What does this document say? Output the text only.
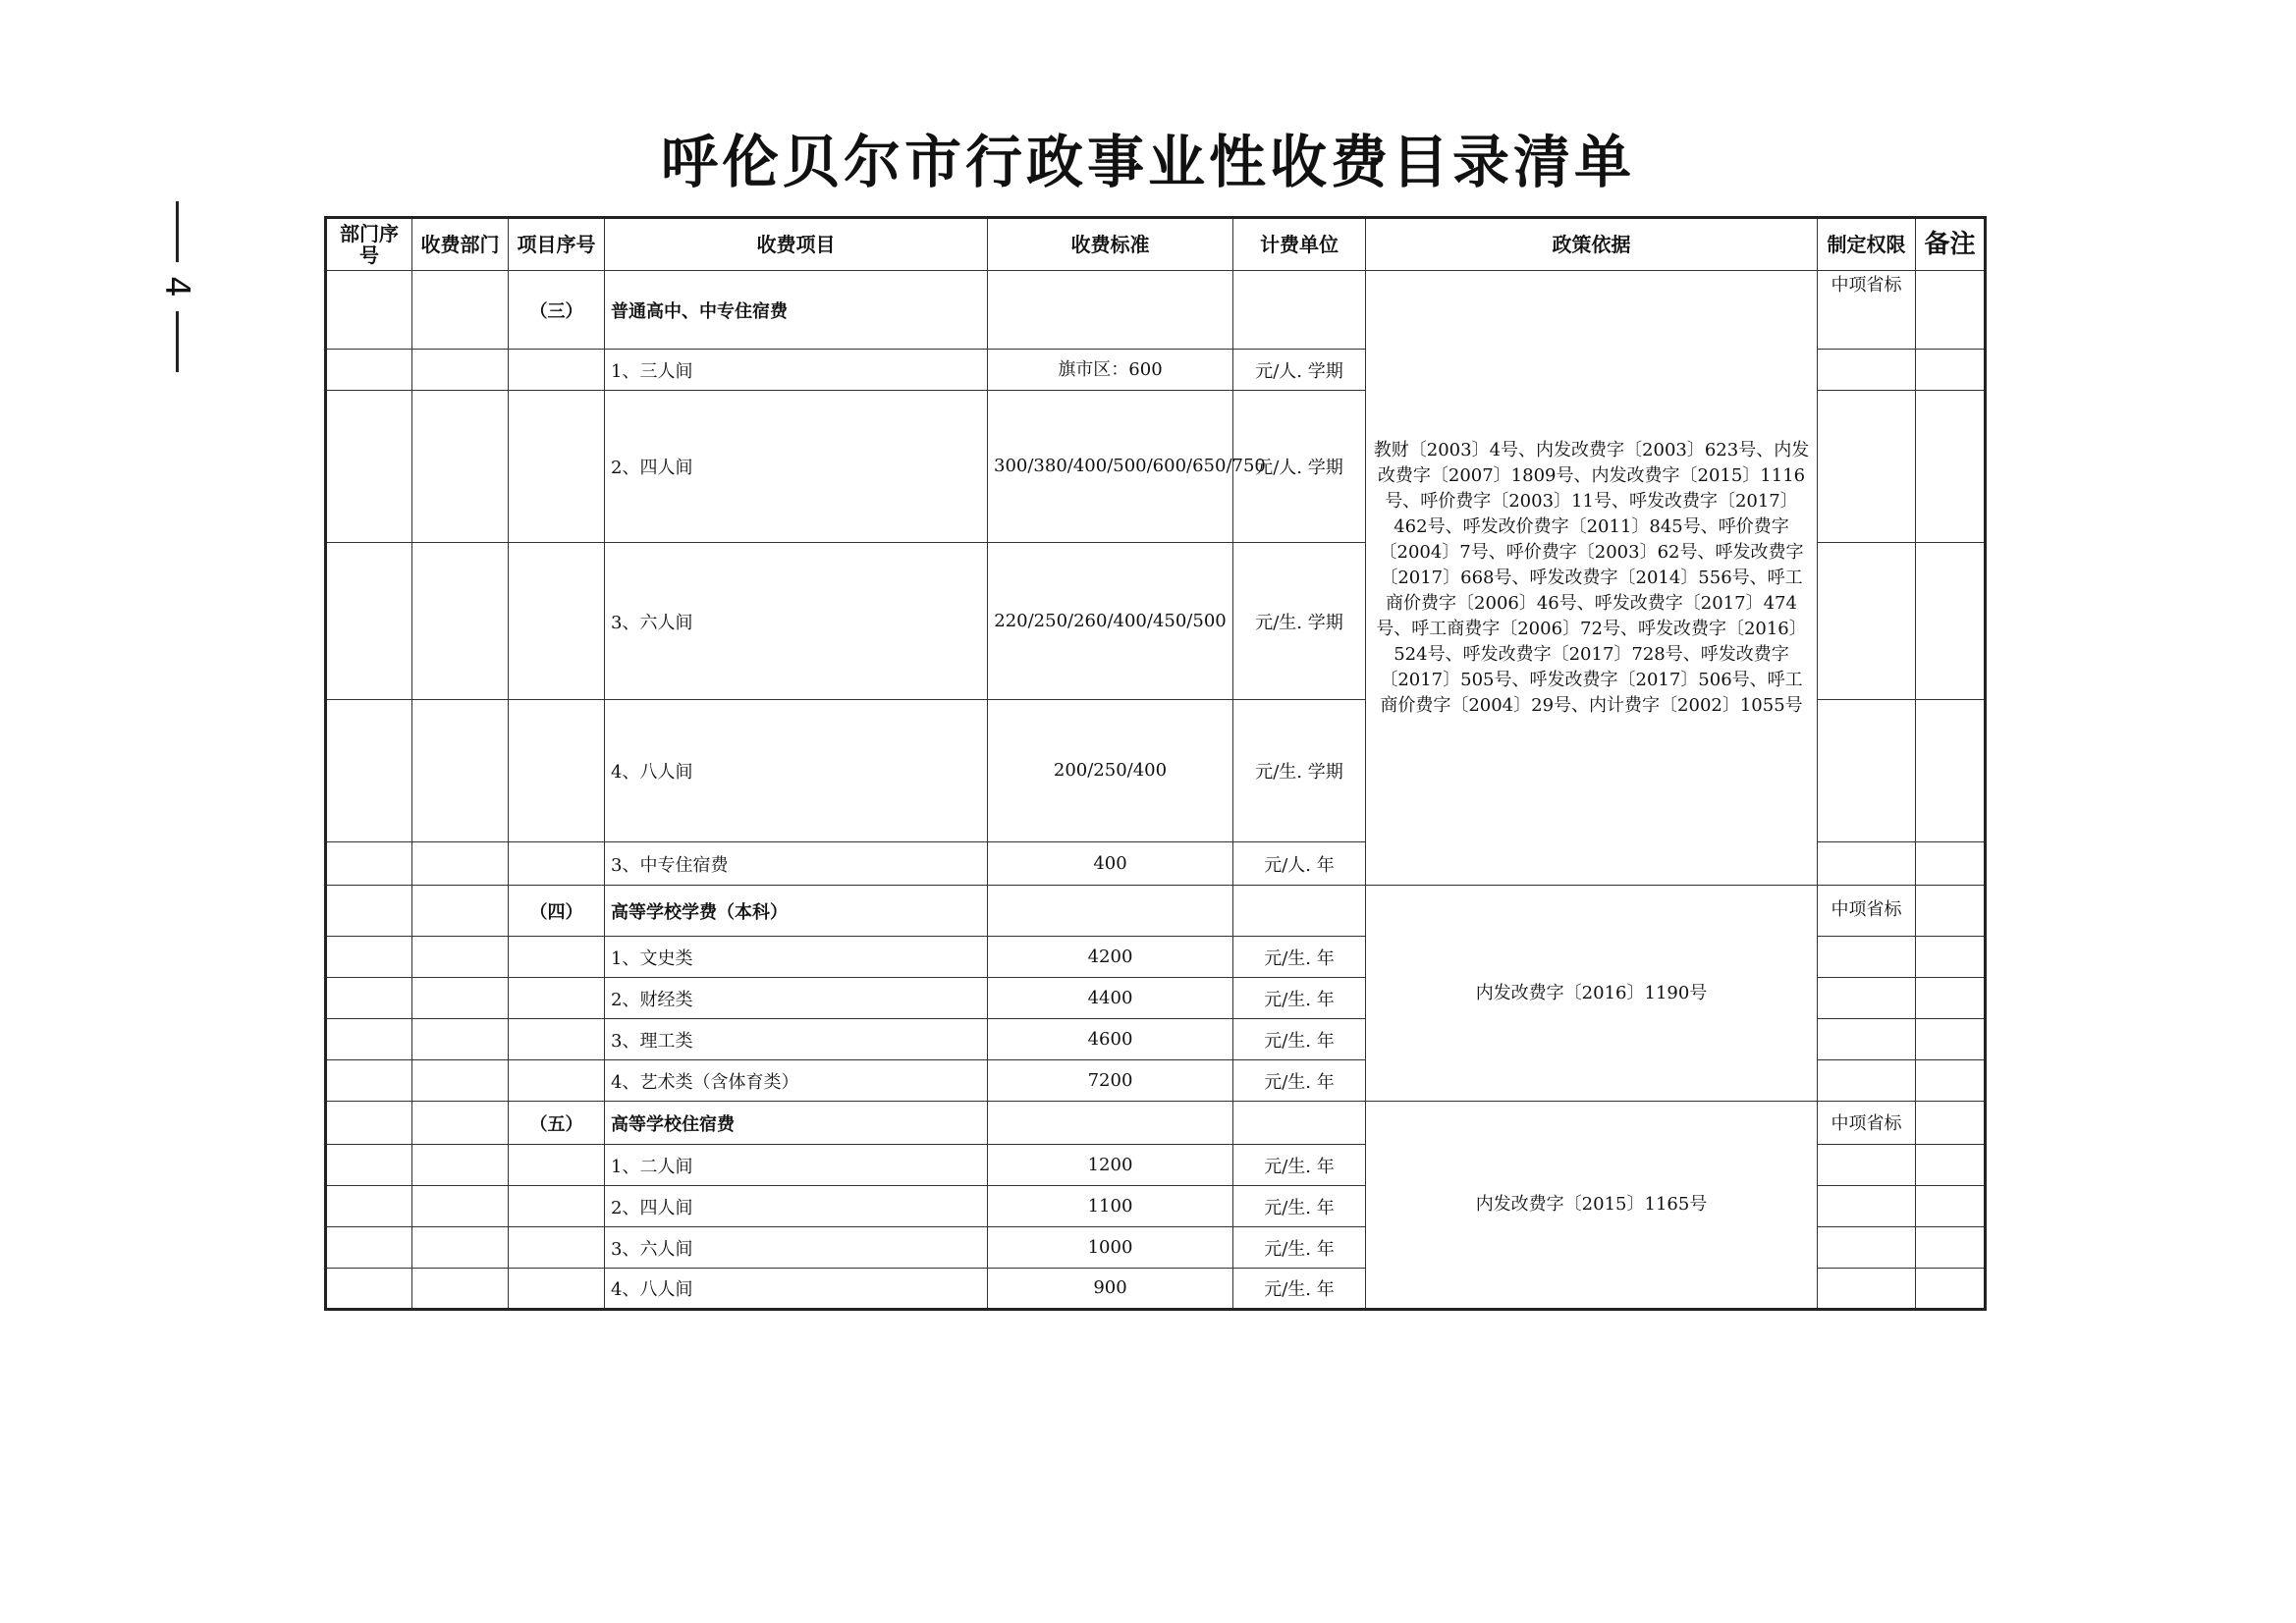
4
呼伦贝尔市行政事业性收费目录清单
部门序号	收费部门	项目序号	收费项目	收费标准	计费单位	政策依据	制定权限	备注
		（三）	普通高中、中专住宿费			教财〔2003〕4号、内发改费字〔2003〕623号、内发改费字〔2007〕1809号、内发改费字〔2015〕1116号、呼价费字〔2003〕11号、呼发改费字〔2017〕462号、呼发改价费字〔2011〕845号、呼价费字〔2004〕7号、呼价费字〔2003〕62号、呼发改费字〔2017〕668号、呼发改费字〔2014〕556号、呼工商价费字〔2006〕46号、呼发改费字〔2017〕474号、呼工商费字〔2006〕72号、呼发改费字〔2016〕524号、呼发改费字〔2017〕728号、呼发改费字〔2017〕505号、呼发改费字〔2017〕506号、呼工商价费字〔2004〕29号、内计费字〔2002〕1055号	中项省标	
			1、三人间	旗市区：600	元/人. 学期			
			2、四人间	300/380/400/500/600/650/750	元/人. 学期			
			3、六人间	220/250/260/400/450/500	元/生. 学期			
			4、八人间	200/250/400	元/生. 学期			
			3、中专住宿费	400	元/人. 年			
		（四）	高等学校学费（本科）			内发改费字〔2016〕1190号	中项省标	
			1、文史类	4200	元/生. 年			
			2、财经类	4400	元/生. 年			
			3、理工类	4600	元/生. 年			
			4、艺术类（含体育类）	7200	元/生. 年			
		（五）	高等学校住宿费			内发改费字〔2015〕1165号	中项省标	
			1、二人间	1200	元/生. 年			
			2、四人间	1100	元/生. 年			
			3、六人间	1000	元/生. 年			
			4、八人间	900	元/生. 年			
